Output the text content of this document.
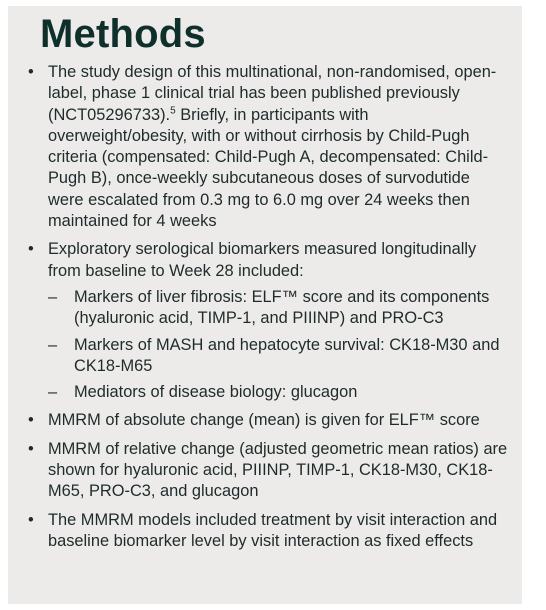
Methods
• The study design of this multinational, non-randomised, open-label, phase 1 clinical trial has been published previously (NCT05296733).$^5$ Briefly, in participants with overweight/obesity, with or without cirrhosis by Child-Pugh criteria (compensated: Child-Pugh A, decompensated: Child-Pugh B), once-weekly subcutaneous doses of survodutide were escalated from 0.3 mg to 6.0 mg over 24 weeks then maintained for 4 weeks
• Exploratory serological biomarkers measured longitudinally from baseline to Week 28 included:
– Markers of liver fibrosis: ELF™ score and its components (hyaluronic acid, TIMP-1, and PIIINP) and PRO-C3
– Markers of MASH and hepatocyte survival: CK18-M30 and CK18-M65
– Mediators of disease biology: glucagon
• MMRM of absolute change (mean) is given for ELF™ score
• MMRM of relative change (adjusted geometric mean ratios) are shown for hyaluronic acid, PIIINP, TIMP-1, CK18-M30, CK18-M65, PRO-C3, and glucagon
• The MMRM models included treatment by visit interaction and baseline biomarker level by visit interaction as fixed effects
